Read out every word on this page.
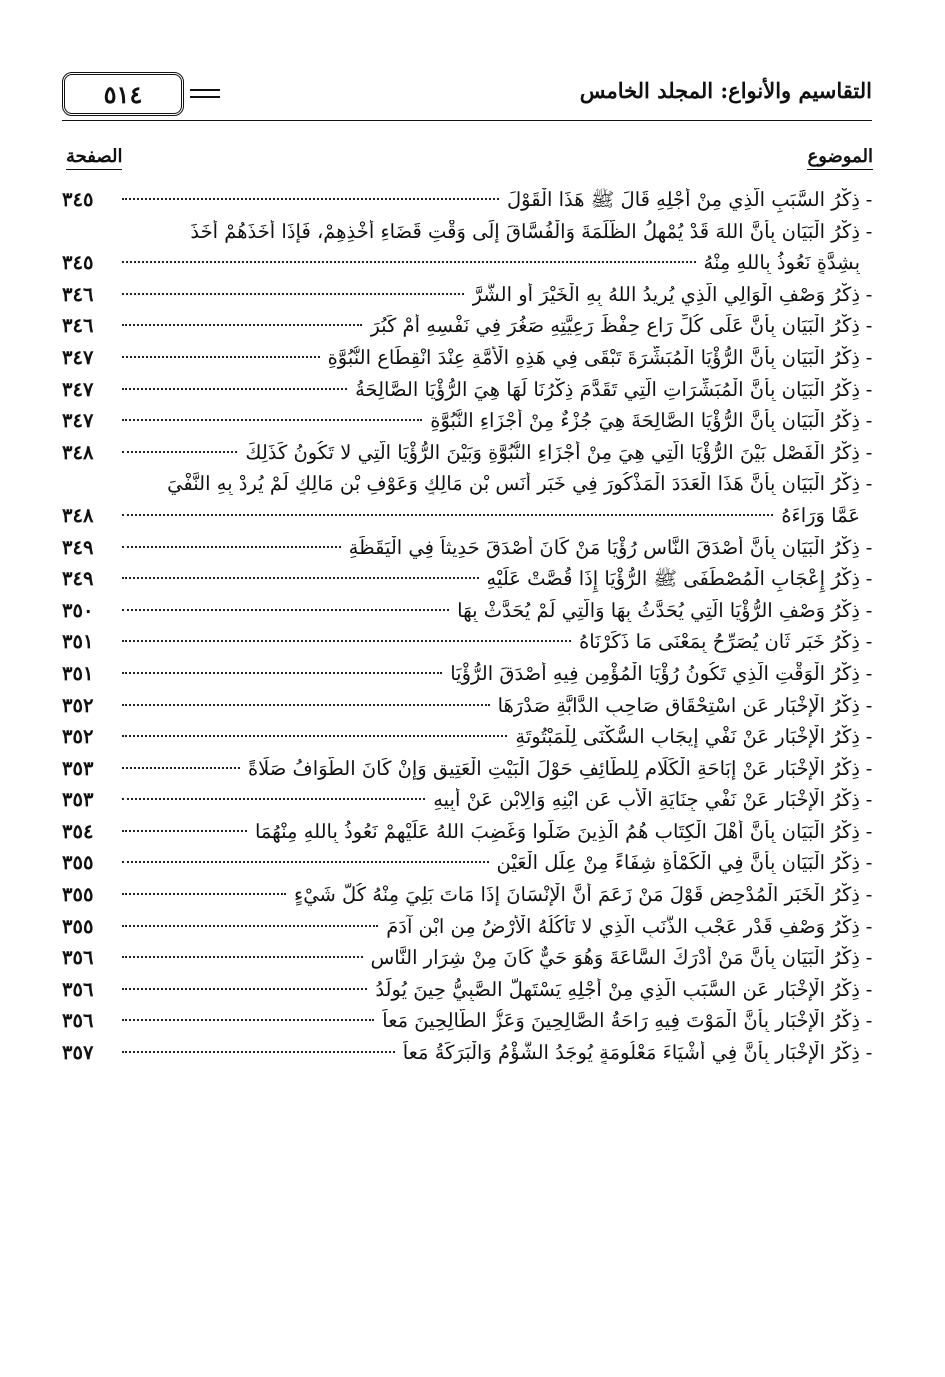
التقاسيم والأنواع: المجلد الخامس
٥١٤
الموضوع
الصفحة
-
ذِكْرُ السَّبَبِ الَّذِي مِنْ أَجْلِهِ قَالَ ﷺ هَذَا الْقَوْلَ
٣٤٥
-
ذِكْرُ الْبَيَانِ بِأَنَّ اللهَ قَدْ يُمْهِلُ الظَّلَمَةَ وَالْفُسَّاقَ إِلَى وَقْتِ قَضَاءِ أَخْذِهِمْ، فَإِذَا أَخَذَهُمْ أَخَذَ
بِشِدَّةٍ نَعُوذُ بِاللهِ مِنْهُ
٣٤٥
-
ذِكْرُ وَصْفِ الْوَالِي الَّذِي يُرِيدُ اللهُ بِهِ الْخَيْرَ أَوِ الشَّرَّ
٣٤٦
-
ذِكْرُ الْبَيَانِ بِأَنَّ عَلَى كُلِّ رَاعٍ حِفْظَ رَعِيَّتِهِ صَغُرَ فِي نَفْسِهِ أَمْ كَبُرَ
٣٤٦
-
ذِكْرُ الْبَيَانِ بِأَنَّ الرُّؤْيَا الْمُبَشِّرَةَ تَبْقَى فِي هَذِهِ الْأُمَّةِ عِنْدَ انْقِطَاعِ النُّبُوَّةِ
٣٤٧
-
ذِكْرُ الْبَيَانِ بِأَنَّ الْمُبَشِّرَاتِ الَّتِي تَقَدَّمَ ذِكْرُنَا لَهَا هِيَ الرُّؤْيَا الصَّالِحَةُ
٣٤٧
-
ذِكْرُ الْبَيَانِ بِأَنَّ الرُّؤْيَا الصَّالِحَةَ هِيَ جُزْءٌ مِنْ أَجْزَاءِ النُّبُوَّةِ
٣٤٧
-
ذِكْرُ الْفَصْلِ بَيْنَ الرُّؤْيَا الَّتِي هِيَ مِنْ أَجْزَاءِ النُّبُوَّةِ وَبَيْنَ الرُّؤْيَا الَّتِي لا تَكُونُ كَذَلِكَ
٣٤٨
-
ذِكْرُ الْبَيَانِ بِأَنَّ هَذَا الْعَدَدَ الْمَذْكُورَ فِي خَبَرِ أَنَسِ بْنِ مَالِكٍ وَعَوْفِ بْنِ مَالِكٍ لَمْ يُرِدْ بِهِ النَّفْيَ
عَمَّا وَرَاءَهُ
٣٤٨
-
ذِكْرُ الْبَيَانِ بِأَنَّ أَصْدَقَ النَّاسِ رُؤْيَا مَنْ كَانَ أَصْدَقَ حَدِيثاً فِي الْيَقَظَةِ
٣٤٩
-
ذِكْرُ إِعْجَابِ الْمُصْطَفَى ﷺ الرُّؤْيَا إِذَا قُصَّتْ عَلَيْهِ
٣٤٩
-
ذِكْرُ وَصْفِ الرُّؤْيَا الَّتِي يُحَدَّثُ بِهَا وَالَّتِي لَمْ يُحَدَّثْ بِهَا
٣٥٠
-
ذِكْرُ خَبَرٍ ثَانٍ يُصَرِّحُ بِمَعْنَى مَا ذَكَرْنَاهُ
٣٥١
-
ذِكْرُ الْوَقْتِ الَّذِي تَكُونُ رُؤْيَا الْمُؤْمِنِ فِيهِ أَصْدَقَ الرُّؤْيَا
٣٥١
-
ذِكْرُ الْإِخْبَارِ عَنِ اسْتِحْقَاقِ صَاحِبِ الدَّابَّةِ صَدْرَهَا
٣٥٢
-
ذِكْرُ الْإِخْبَارِ عَنْ نَفْيِ إِيجَابِ السُّكْنَى لِلْمَبْتُوتَةِ
٣٥٢
-
ذِكْرُ الْإِخْبَارِ عَنْ إِبَاحَةِ الْكَلَامِ لِلطَّائِفِ حَوْلَ الْبَيْتِ الْعَتِيقِ وَإِنْ كَانَ الطَّوَافُ صَلَاةً
٣٥٣
-
ذِكْرُ الْإِخْبَارِ عَنْ نَفْيِ جِنَايَةِ الْأَبِ عَنِ ابْنِهِ وَالِابْنِ عَنْ أَبِيهِ
٣٥٣
-
ذِكْرُ الْبَيَانِ بِأَنَّ أَهْلَ الْكِتَابِ هُمُ الَّذِينَ ضَلُّوا وَغَضِبَ اللهُ عَلَيْهِمْ نَعُوذُ بِاللهِ مِنْهُمَا
٣٥٤
-
ذِكْرُ الْبَيَانِ بِأَنَّ فِي الْكَمْأَةِ شِفَاءً مِنْ عِلَلِ الْعَيْنِ
٣٥٥
-
ذِكْرُ الْخَبَرِ الْمُدْحِضِ قَوْلَ مَنْ زَعَمَ أَنَّ الْإِنْسَانَ إِذَا مَاتَ بَلِيَ مِنْهُ كُلُّ شَيْءٍ
٣٥٥
-
ذِكْرُ وَصْفِ قَدْرِ عَجْبِ الذَّنَبِ الَّذِي لا تَأْكُلُهُ الْأَرْضُ مِنِ ابْنِ آدَمَ
٣٥٥
-
ذِكْرُ الْبَيَانِ بِأَنَّ مَنْ أَدْرَكَ السَّاعَةَ وَهُوَ حَيٌّ كَانَ مِنْ شِرَارِ النَّاسِ
٣٥٦
-
ذِكْرُ الْإِخْبَارِ عَنِ السَّبَبِ الَّذِي مِنْ أَجْلِهِ يَسْتَهِلُّ الصَّبِيُّ حِينَ يُولَدُ
٣٥٦
-
ذِكْرُ الْإِخْبَارِ بِأَنَّ الْمَوْتَ فِيهِ رَاحَةُ الصَّالِحِينَ وَعَزُّ الطَّالِحِينَ مَعاً
٣٥٦
-
ذِكْرُ الْإِخْبَارِ بِأَنَّ فِي أَشْيَاءَ مَعْلُومَةٍ يُوجَدُ الشُّؤْمُ وَالْبَرَكَةُ مَعاً
٣٥٧
